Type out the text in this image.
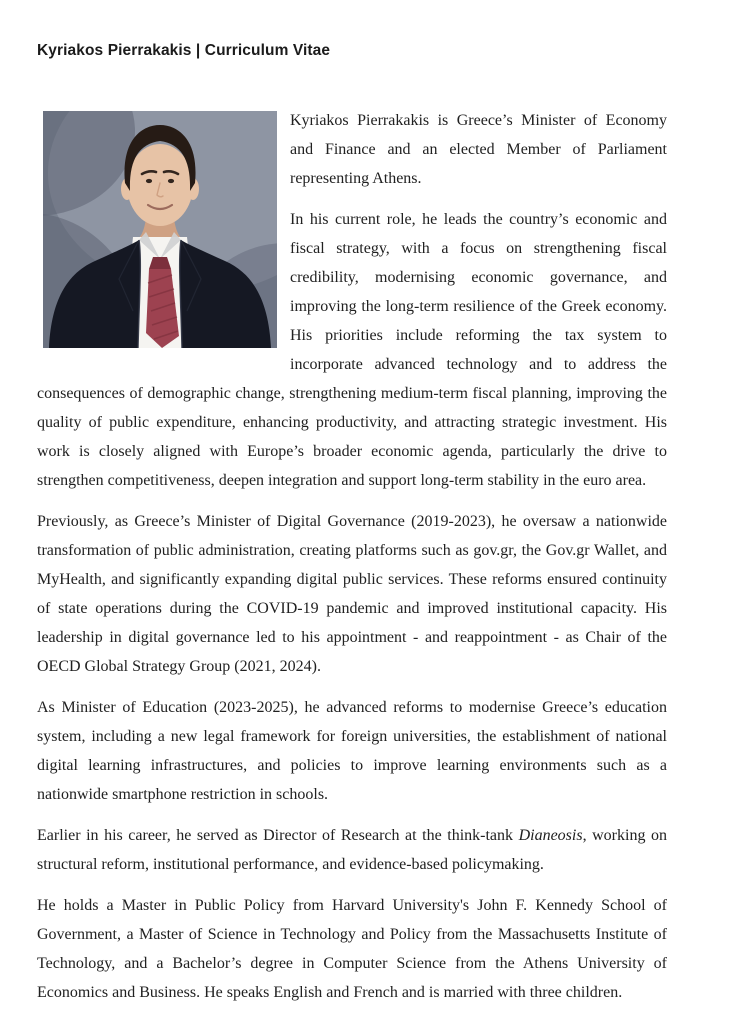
Kyriakos Pierrakakis | Curriculum Vitae

Kyriakos Pierrakakis is Greece’s Minister of Economy and Finance and an elected Member of Parliament representing Athens.

In his current role, he leads the country’s economic and fiscal strategy, with a focus on strengthening fiscal credibility, modernising economic governance, and improving the long-term resilience of the Greek economy. His priorities include reforming the tax system to incorporate advanced technology and to address the consequences of demographic change, strengthening medium-term fiscal planning, improving the quality of public expenditure, enhancing productivity, and attracting strategic investment. His work is closely aligned with Europe’s broader economic agenda, particularly the drive to strengthen competitiveness, deepen integration and support long-term stability in the euro area.

Previously, as Greece’s Minister of Digital Governance (2019-2023), he oversaw a nationwide transformation of public administration, creating platforms such as gov.gr, the Gov.gr Wallet, and MyHealth, and significantly expanding digital public services. These reforms ensured continuity of state operations during the COVID-19 pandemic and improved institutional capacity. His leadership in digital governance led to his appointment - and reappointment - as Chair of the OECD Global Strategy Group (2021, 2024).

As Minister of Education (2023-2025), he advanced reforms to modernise Greece’s education system, including a new legal framework for foreign universities, the establishment of national digital learning infrastructures, and policies to improve learning environments such as a nationwide smartphone restriction in schools.

Earlier in his career, he served as Director of Research at the think-tank Dianeosis, working on structural reform, institutional performance, and evidence-based policymaking.

He holds a Master in Public Policy from Harvard University's John F. Kennedy School of Government, a Master of Science in Technology and Policy from the Massachusetts Institute of Technology, and a Bachelor’s degree in Computer Science from the Athens University of Economics and Business. He speaks English and French and is married with three children.
